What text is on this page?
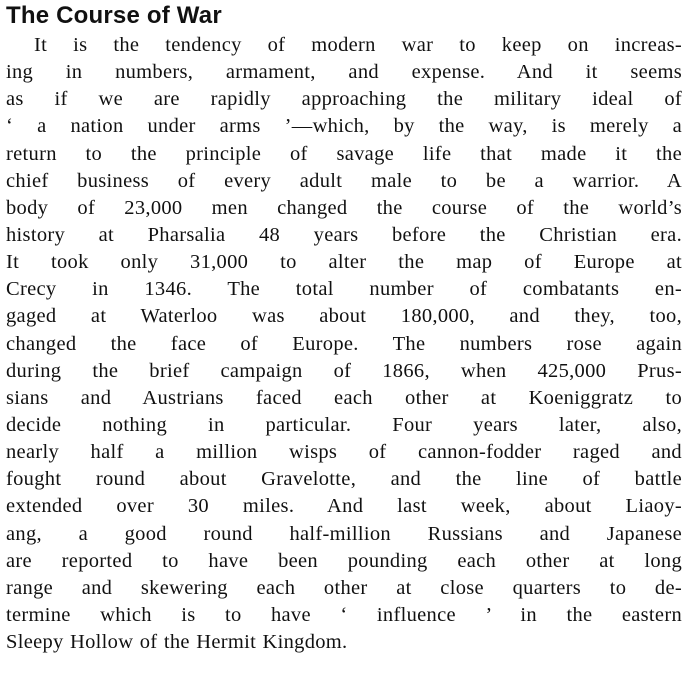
The Course of War
It is the tendency of modern war to keep on increas-
ing in numbers, armament, and expense. And it seems
as if we are rapidly approaching the military ideal of
‘ a nation under arms ’—which, by the way, is merely a
return to the principle of savage life that made it the
chief business of every adult male to be a warrior. A
body of 23,000 men changed the course of the world’s
history at Pharsalia 48 years before the Christian era.
It took only 31,000 to alter the map of Europe at
Crecy in 1346. The total number of combatants en-
gaged at Waterloo was about 180,000, and they, too,
changed the face of Europe. The numbers rose again
during the brief campaign of 1866, when 425,000 Prus-
sians and Austrians faced each other at Koeniggratz to
decide nothing in particular. Four years later, also,
nearly half a million wisps of cannon-fodder raged and
fought round about Gravelotte, and the line of battle
extended over 30 miles. And last week, about Liaoy-
ang, a good round half-million Russians and Japanese
are reported to have been pounding each other at long
range and skewering each other at close quarters to de-
termine which is to have ‘ influence ’ in the eastern
Sleepy Hollow of the Hermit Kingdom.
